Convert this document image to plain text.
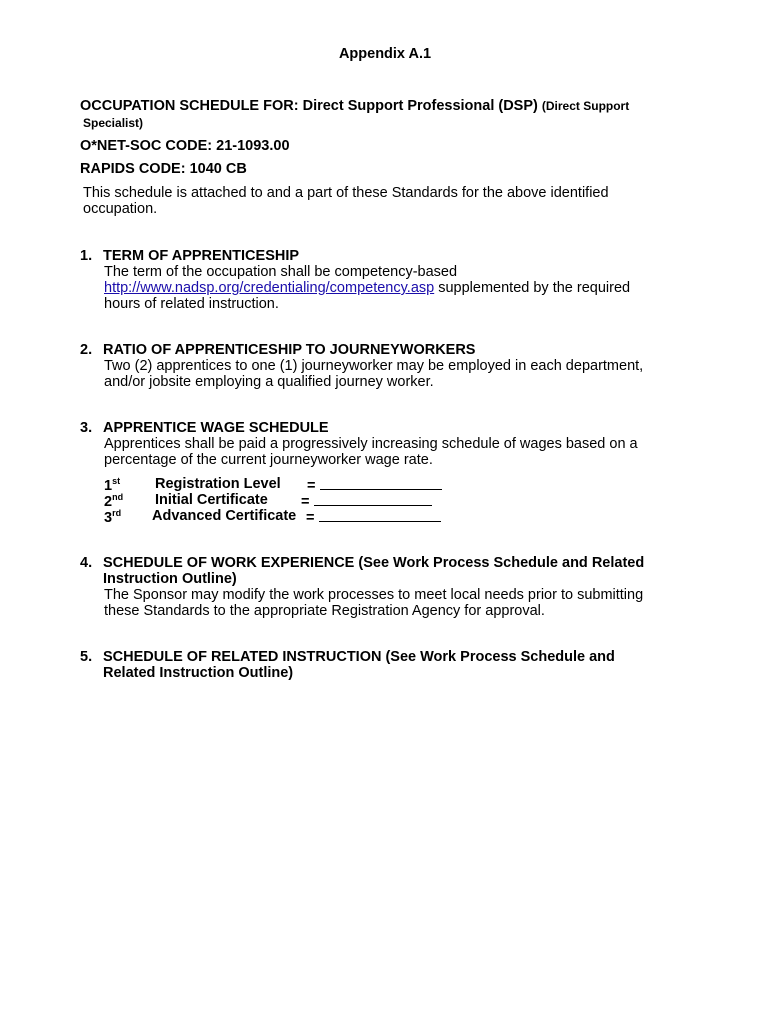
Appendix A.1
OCCUPATION SCHEDULE FOR: Direct Support Professional (DSP) (Direct Support
Specialist)
O*NET-SOC CODE: 21-1093.00
RAPIDS CODE: 1040 CB
This schedule is attached to and a part of these Standards for the above identified
occupation.
1. TERM OF APPRENTICESHIP
The term of the occupation shall be competency-based
http://www.nadsp.org/credentialing/competency.asp supplemented by the required
hours of related instruction.
2. RATIO OF APPRENTICESHIP TO JOURNEYWORKERS
Two (2) apprentices to one (1) journeyworker may be employed in each department,
and/or jobsite employing a qualified journey worker.
3. APPRENTICE WAGE SCHEDULE
Apprentices shall be paid a progressively increasing schedule of wages based on a
percentage of the current journeyworker wage rate.
1st Registration Level =
2nd Initial Certificate =
3rd Advanced Certificate =
4. SCHEDULE OF WORK EXPERIENCE (See Work Process Schedule and Related
Instruction Outline)
The Sponsor may modify the work processes to meet local needs prior to submitting
these Standards to the appropriate Registration Agency for approval.
5. SCHEDULE OF RELATED INSTRUCTION (See Work Process Schedule and
Related Instruction Outline)
